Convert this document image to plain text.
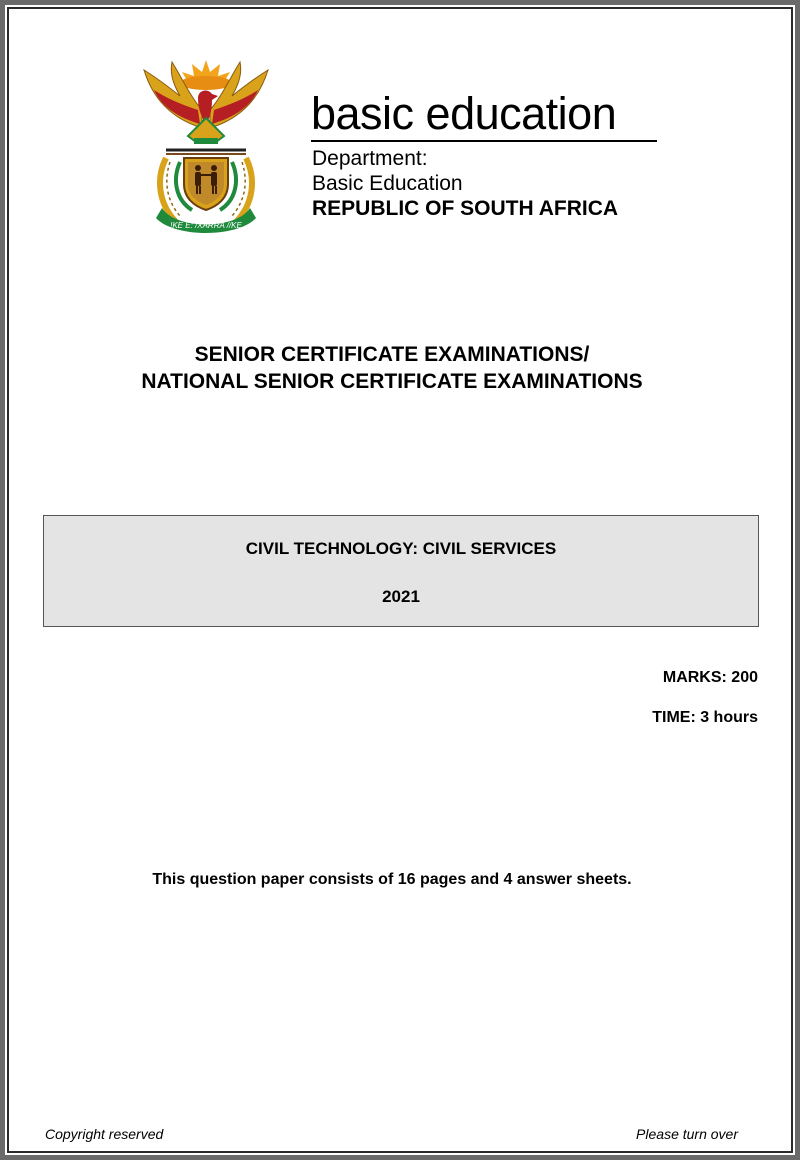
!KE E: /XARRA //KE
basic education
Department:
Basic Education
REPUBLIC OF SOUTH AFRICA
SENIOR CERTIFICATE EXAMINATIONS/
NATIONAL SENIOR CERTIFICATE EXAMINATIONS
CIVIL TECHNOLOGY: CIVIL SERVICES
2021
MARKS: 200
TIME: 3 hours
This question paper consists of 16 pages and 4 answer sheets.
Copyright reserved	Please turn over
